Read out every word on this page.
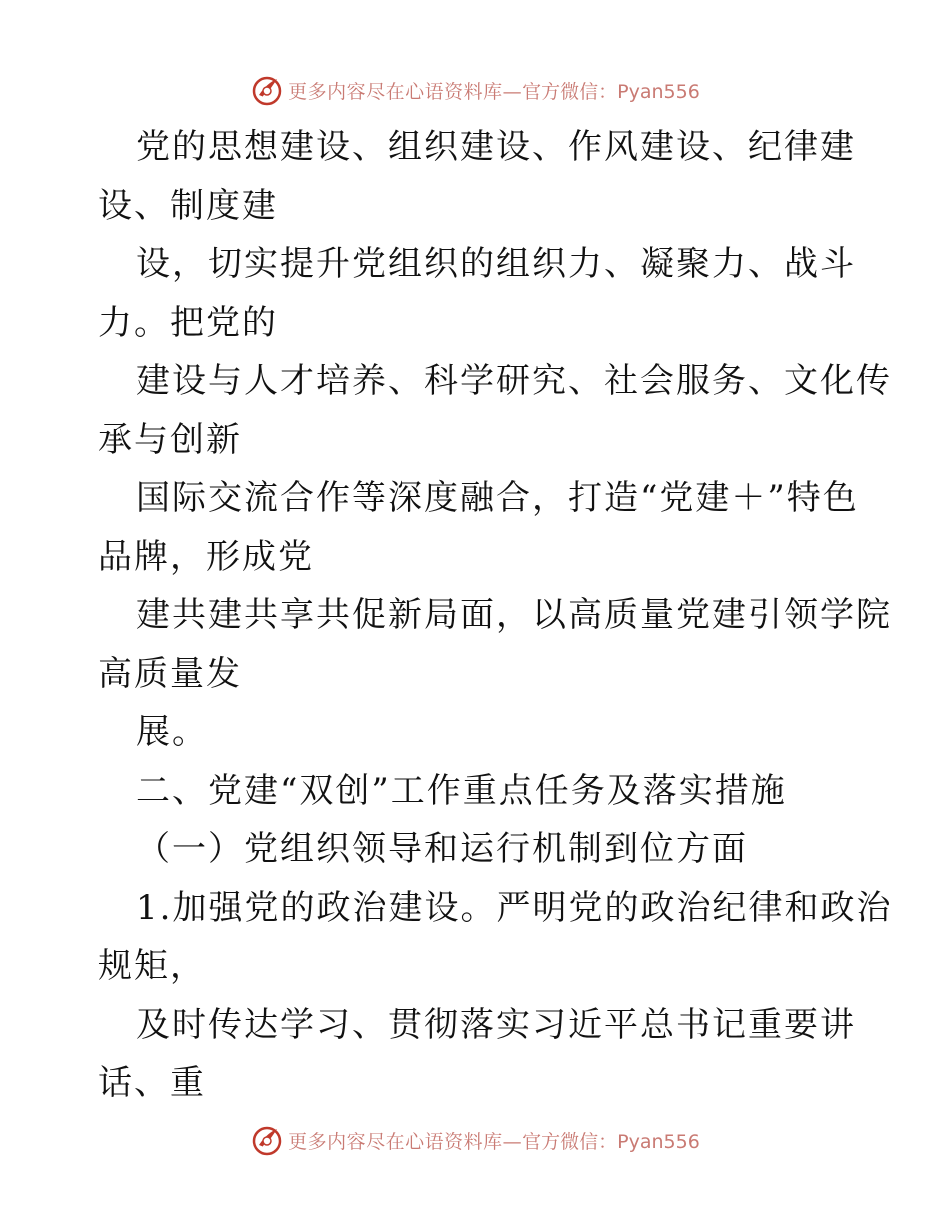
更多内容尽在心语资料库— 官方微信：Pyan556
党的思想建设、组织建设、作风建设、纪律建
设、制度建
设，切实提升党组织的组织力、凝聚力、战斗
力。把党的
建设与人才培养、科学研究、社会服务、文化传
承与创新
国际交流合作等深度融合，打造“党建＋”特色
品牌，形成党
建共建共享共促新局面，以高质量党建引领学院
高质量发
展。
二、党建“双创”工作重点任务及落实措施
（一）党组织领导和运行机制到位方面
1.加强党的政治建设。严明党的政治纪律和政治
规矩，
及时传达学习、贯彻落实习近平总书记重要讲
话、重
更多内容尽在心语资料库— 官方微信：Pyan556
